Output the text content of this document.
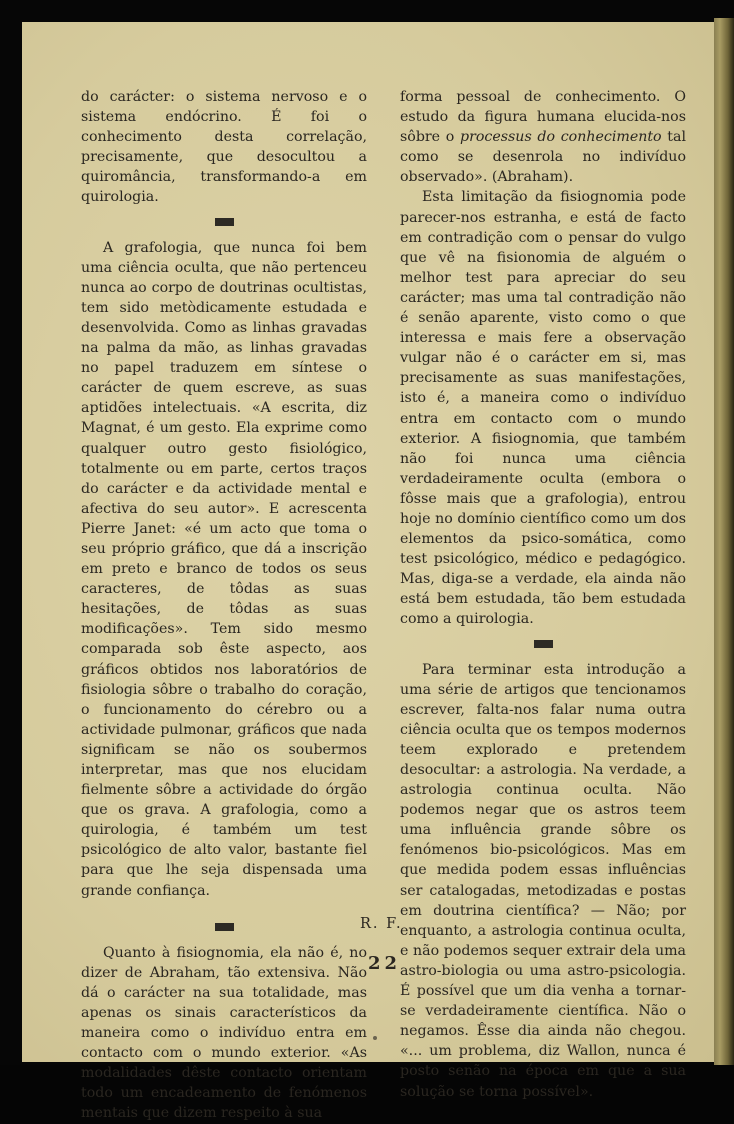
do carácter: o sistema nervoso e o sistema endócrino. É foi o conhecimento desta correlação, precisamente, que desocultou a quiromância, transformando-a em quirologia.

A grafologia, que nunca foi bem uma ciência oculta, que não pertenceu nunca ao corpo de doutrinas ocultistas, tem sido metòdicamente estudada e desenvolvida. Como as linhas gravadas na palma da mão, as linhas gravadas no papel traduzem em síntese o carácter de quem escreve, as suas aptidões intelectuais. «A escrita, diz Magnat, é um gesto. Ela exprime como qualquer outro gesto fisiológico, totalmente ou em parte, certos traços do carácter e da actividade mental e afectiva do seu autor». E acrescenta Pierre Janet: «é um acto que toma o seu próprio gráfico, que dá a inscrição em preto e branco de todos os seus caracteres, de tôdas as suas hesitações, de tôdas as suas modificações». Tem sido mesmo comparada sob êste aspecto, aos gráficos obtidos nos laboratórios de fisiologia sôbre o trabalho do coração, o funcionamento do cérebro ou a actividade pulmonar, gráficos que nada significam se não os soubermos interpretar, mas que nos elucidam fielmente sôbre a actividade do órgão que os grava. A grafologia, como a quirologia, é também um test psicológico de alto valor, bastante fiel para que lhe seja dispensada uma grande confiança.

Quanto à fisiognomia, ela não é, no dizer de Abraham, tão extensiva. Não dá o carácter na sua totalidade, mas apenas os sinais característicos da maneira como o indivíduo entra em contacto com o mundo exterior. «As modalidades dêste contacto orientam todo um encadeamento de fenómenos mentais que dizem respeito à sua

forma pessoal de conhecimento. O estudo da figura humana elucida-nos sôbre o processus do conhecimento tal como se desenrola no indivíduo observado». (Abraham).

Esta limitação da fisiognomia pode parecer-nos estranha, e está de facto em contradição com o pensar do vulgo que vê na fisionomia de alguém o melhor test para apreciar do seu carácter; mas uma tal contradição não é senão aparente, visto como o que interessa e mais fere a observação vulgar não é o carácter em si, mas precisamente as suas manifestações, isto é, a maneira como o indivíduo entra em contacto com o mundo exterior. A fisiognomia, que também não foi nunca uma ciência verdadeiramente oculta (embora o fôsse mais que a grafologia), entrou hoje no domínio científico como um dos elementos da psico-somática, como test psicológico, médico e pedagógico. Mas, diga-se a verdade, ela ainda não está bem estudada, tão bem estudada como a quirologia.

Para terminar esta introdução a uma série de artigos que tencionamos escrever, falta-nos falar numa outra ciência oculta que os tempos modernos teem explorado e pretendem desocultar: a astrologia. Na verdade, a astrologia continua oculta. Não podemos negar que os astros teem uma influência grande sôbre os fenómenos bio-psicológicos. Mas em que medida podem essas influências ser catalogadas, metodizadas e postas em doutrina científica? — Não; por enquanto, a astrologia continua oculta, e não podemos sequer extrair dela uma astro-biologia ou uma astro-psicologia. É possível que um dia venha a tornar-se verdadeiramente científica. Não o negamos. Êsse dia ainda não chegou. «... um problema, diz Wallon, nunca é posto senão na época em que a sua solução se torna possível».

R. F.
22
